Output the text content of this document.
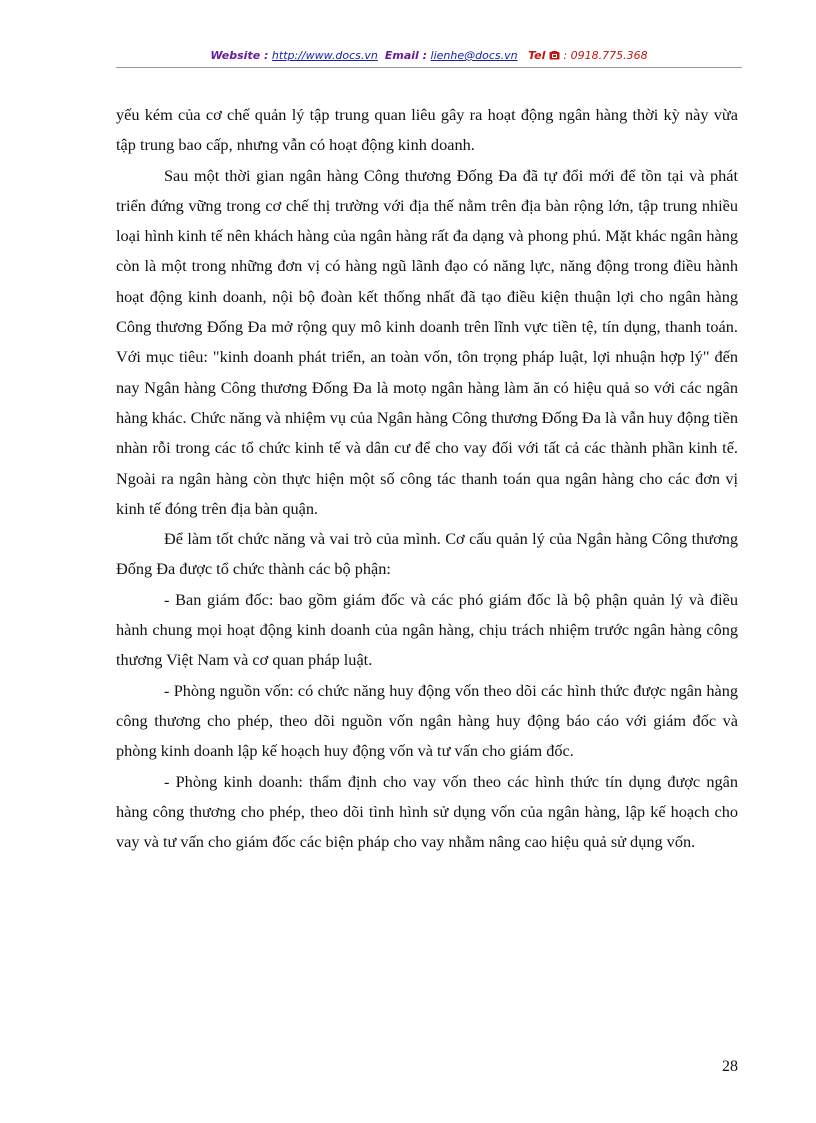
Website : http://www.docs.vn Email : lienhe@docs.vn Tel : 0918.775.368

yếu kém của cơ chế quản lý tập trung quan liêu gây ra hoạt động ngân hàng thời kỳ này vừa tập trung bao cấp, nhưng vẫn có hoạt động kinh doanh.

Sau một thời gian ngân hàng Công thương Đống Đa đã tự đổi mới để tồn tại và phát triển đứng vững trong cơ chế thị trường với địa thế nằm trên địa bàn rộng lớn, tập trung nhiều loại hình kinh tế nên khách hàng của ngân hàng rất đa dạng và phong phú. Mặt khác ngân hàng còn là một trong những đơn vị có hàng ngũ lãnh đạo có năng lực, năng động trong điều hành hoạt động kinh doanh, nội bộ đoàn kết thống nhất đã tạo điều kiện thuận lợi cho ngân hàng Công thương Đống Đa mở rộng quy mô kinh doanh trên lĩnh vực tiền tệ, tín dụng, thanh toán. Với mục tiêu: "kinh doanh phát triển, an toàn vốn, tôn trọng pháp luật, lợi nhuận hợp lý" đến nay Ngân hàng Công thương Đống Đa là motọ ngân hàng làm ăn có hiệu quả so với các ngân hàng khác. Chức năng và nhiệm vụ của Ngân hàng Công thương Đống Đa là vẫn huy động tiền nhàn rỗi trong các tổ chức kinh tế và dân cư để cho vay đối với tất cả các thành phần kinh tế. Ngoài ra ngân hàng còn thực hiện một số công tác thanh toán qua ngân hàng cho các đơn vị kinh tế đóng trên địa bàn quận.

Để làm tốt chức năng và vai trò của mình. Cơ cấu quản lý của Ngân hàng Công thương Đống Đa được tổ chức thành các bộ phận:

- Ban giám đốc: bao gồm giám đốc và các phó giám đốc là bộ phận quản lý và điều hành chung mọi hoạt động kinh doanh của ngân hàng, chịu trách nhiệm trước ngân hàng công thương Việt Nam và cơ quan pháp luật.

- Phòng nguồn vốn: có chức năng huy động vốn theo dõi các hình thức được ngân hàng công thương cho phép, theo dõi nguồn vốn ngân hàng huy động báo cáo với giám đốc và phòng kinh doanh lập kế hoạch huy động vốn và tư vấn cho giám đốc.

- Phòng kinh doanh: thẩm định cho vay vốn theo các hình thức tín dụng được ngân hàng công thương cho phép, theo dõi tình hình sử dụng vốn của ngân hàng, lập kế hoạch cho vay và tư vấn cho giám đốc các biện pháp cho vay nhằm nâng cao hiệu quả sử dụng vốn.

28
